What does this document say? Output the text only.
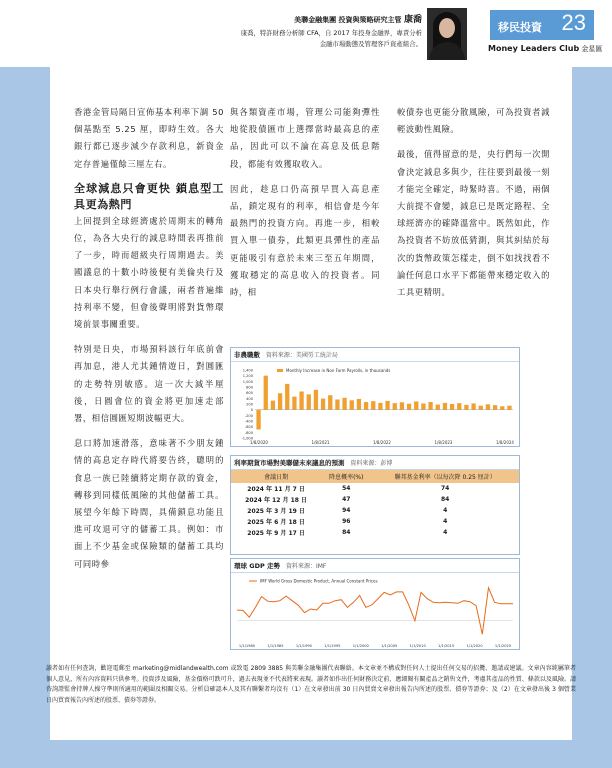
美聯金融集團 投資與策略研究主管 康喬
康喬，特許財務分析師 CFA，自 2017 年投身金融界，專責分析金融市場動態及管理客戶資產組合。
移民投資 23
Money Leaders Club 金星匯

香港金管局隔日宣佈基本利率下調 50 個基點至 5.25 厘，即時生效。各大銀行都已逐步減少存款利息，新資金定存普遍僅餘三厘左右。

全球減息只會更快 鎖息型工具更為熱門

上回提到全球經濟處於周期末的轉角位，為各大央行的減息時間表再推前了一步，時而超級央行周期過去。美國議息的十數小時後便有美倫央行及日本央行舉行例行會議，兩者普遍維持利率不變，但會後聲明將對貨幣環境前景事關重要。

特別是日央，市場預料該行年底前會再加息，港人尤其鍾情遊日，對圓匯的走勢特別敏感。這一次大減半厘後，日圓會位的資金將更加速走部署，相信圓匯短期波幅更大。

息口將加速滑落，意味著不少朋友鍾情的高息定存時代將要告終，聰明的食息一族已陸續將定期存款的資金，轉移到同樣低風險的其他儲蓄工具。展望今年餘下時間，具備鎖息功能且進可攻退可守的儲蓄工具。例如：市面上不少基金或保險類的儲蓄工具均可同時參

與各類資產市場，管理公司能夠彈性地從股債匯市上選擇當時最高息的產品，因此可以不論在高息及低息階段，都能有效獲取收入。

因此，趁息口仍高預早買入高息產品，鎖定現有的利率，相信會是今年最熱門的投資方向。再進一步，相較買入單一債券，此類更具彈性的產品更能吸引有意於未來三至五年期間，獲取穩定的高息收入的投資者。同時，相

較債券也更能分散風險，可為投資者減輕波動性風險。

最後，值得留意的是，央行們每一次開會決定減息多與少，往往要到最後一刻才能完全確定，時緊時喜。不過，兩個大前提不會變，減息已是既定路程、全球經濟亦的確降溫當中。既然如此，作為投資者不妨放低猜測，與其糾結於每次的貨幣政策怎樣走，倒不如找找看不論任何息口水平下都能帶來穩定收入的工具更精明。

非農職數 資料來源：美國勞工統計局
1,400
1,200
1,000
800
600
400
200
0
-200
-400
-600
-800
-1,000
1/8/2020	1/8/2021	1/8/2022	1/8/2023	1/8/2024
Monthly Increase in Non Farm Payrolls, in thousands
利率期貨市場對美聯儲未來議息的預測 資料來源：彭博
會議日期	降息概率(%)	聯邦基金利率（以每次降 0.25 厘計）
2024 年 11 月 7 日	54	74
2024 年 12 月 18 日	47	84
2025 年 3 月 19 日	94	4
2025 年 6 月 18 日	96	4
2025 年 9 月 17 日	84	4
環球 GDP 走勢 資料來源：IMF
1/1/1980	1/1/1985	1/1/1990	1/1/1995	1/1/2000	1/1/2005	1/1/2010	1/1/2015	1/1/2020	1/1/2025
IMF World Gross Domestic Product, Annual Constant Prices
讀者如有任何查詢，歡迎電郵至 marketing@midlandwealth.com 或致電 2809 3885 與美聯金融集團代表聯絡。本文章並不構成對任何人士提出任何交易的招攬、邀請或建議。文章內容純屬筆者個人意見，所有內容資料只供參考。投資涉及風險，基金價格可跌可升，過去表現並不代表將來表現。讀者如作出任何財務決定前，應細閱有關產品之銷售文件，考慮其產品的性質、條款以及風險。請咨詢證監會持牌人操守準則所適用的範圍及相關交易。分析員確認本人及其有聯繫者均沒有（1）在文章發出前 30 日內買賣文章發出報告內所述的股票、債券等證券；及（2）在文章發出後 3 個營業日內買賣報告內所述的股票、債券等證券。
